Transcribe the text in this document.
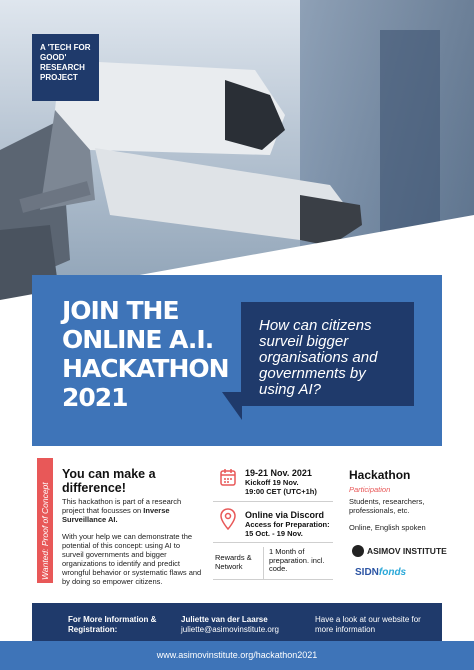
A 'TECH FOR GOOD' RESEARCH PROJECT
JOIN THE ONLINE A.I. HACKATHON 2021
How can citizens surveil bigger organisations and governments by using AI?
Wanted: Proof of Concept
You can make a difference!
This hackathon is part of a research project that focusses on Inverse Surveillance AI.
With your help we can demonstrate the potential of this concept: using AI to surveil governments and bigger organizations to identify and predict wrongful behavior or systematic flaws and by doing so empower citizens.
19-21 Nov. 2021
Kickoff 19 Nov.
19:00 CET (UTC+1h)
Online via Discord
Access for Preparation:
15 Oct. - 19 Nov.
Rewards & Network
1 Month of preparation. incl. code.
Hackathon
Participation
Students, researchers, professionals, etc.
Online, English spoken
ASIMOV INSTITUTE
SIDNfonds
For More Information & Registration:
Juliette van der Laarse
juliette@asimovinstitute.org
Have a look at our website for more information
www.asimovinstitute.org/hackathon2021
